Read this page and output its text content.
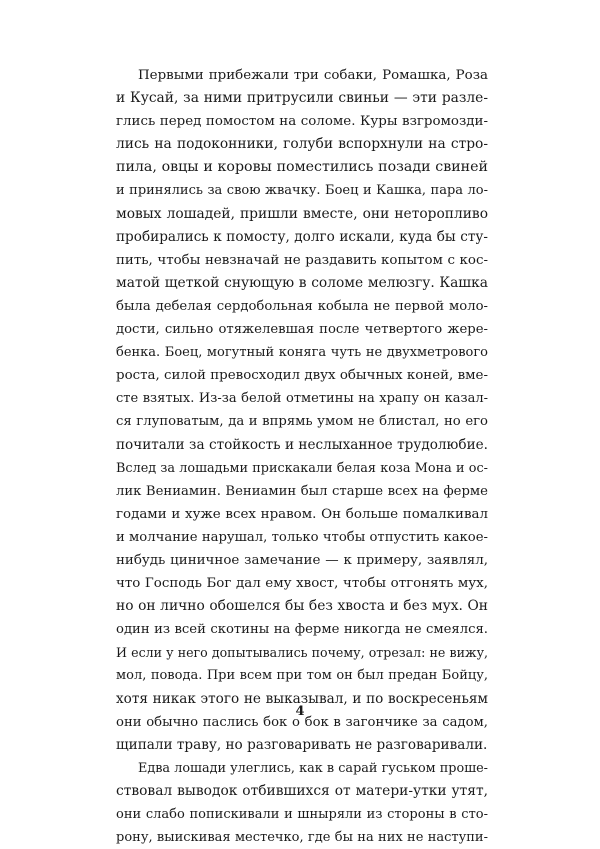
Первыми прибежали три собаки, Ромашка, Роза
и Кусай, за ними притрусили свиньи — эти разле-
глись перед помостом на соломе. Куры взгромозди-
лись на подоконники, голуби вспорхнули на стро-
пила, овцы и коровы поместились позади свиней
и принялись за свою жвачку. Боец и Кашка, пара ло-
мовых лошадей, пришли вместе, они неторопливо
пробирались к помосту, долго искали, куда бы сту-
пить, чтобы невзначай не раздавить копытом с кос-
матой щеткой снующую в соломе мелюзгу. Кашка
была дебелая сердобольная кобыла не первой моло-
дости, сильно отяжелевшая после четвертого жере-
бенка. Боец, могутный коняга чуть не двухметрового
роста, силой превосходил двух обычных коней, вме-
сте взятых. Из-за белой отметины на храпу он казал-
ся глуповатым, да и впрямь умом не блистал, но его
почитали за стойкость и неслыханное трудолюбие.
Вслед за лошадьми прискакали белая коза Мона и ос-
лик Вениамин. Вениамин был старше всех на ферме
годами и хуже всех нравом. Он больше помалкивал
и молчание нарушал, только чтобы отпустить какое-
нибудь циничное замечание — к примеру, заявлял,
что Господь Бог дал ему хвост, чтобы отгонять мух,
но он лично обошелся бы без хвоста и без мух. Он
один из всей скотины на ферме никогда не смеялся.
И если у него допытывались почему, отрезал: не вижу,
мол, повода. При всем при том он был предан Бойцу,
хотя никак этого не выказывал, и по воскресеньям
они обычно паслись бок о бок в загончике за садом,
щипали траву, но разговаривать не разговаривали.
Едва лошади улеглись, как в сарай гуськом проше-
ствовал выводок отбившихся от матери-утки утят,
они слабо попискивали и шныряли из стороны в сто-
рону, выискивая местечко, где бы на них не наступи-
4
